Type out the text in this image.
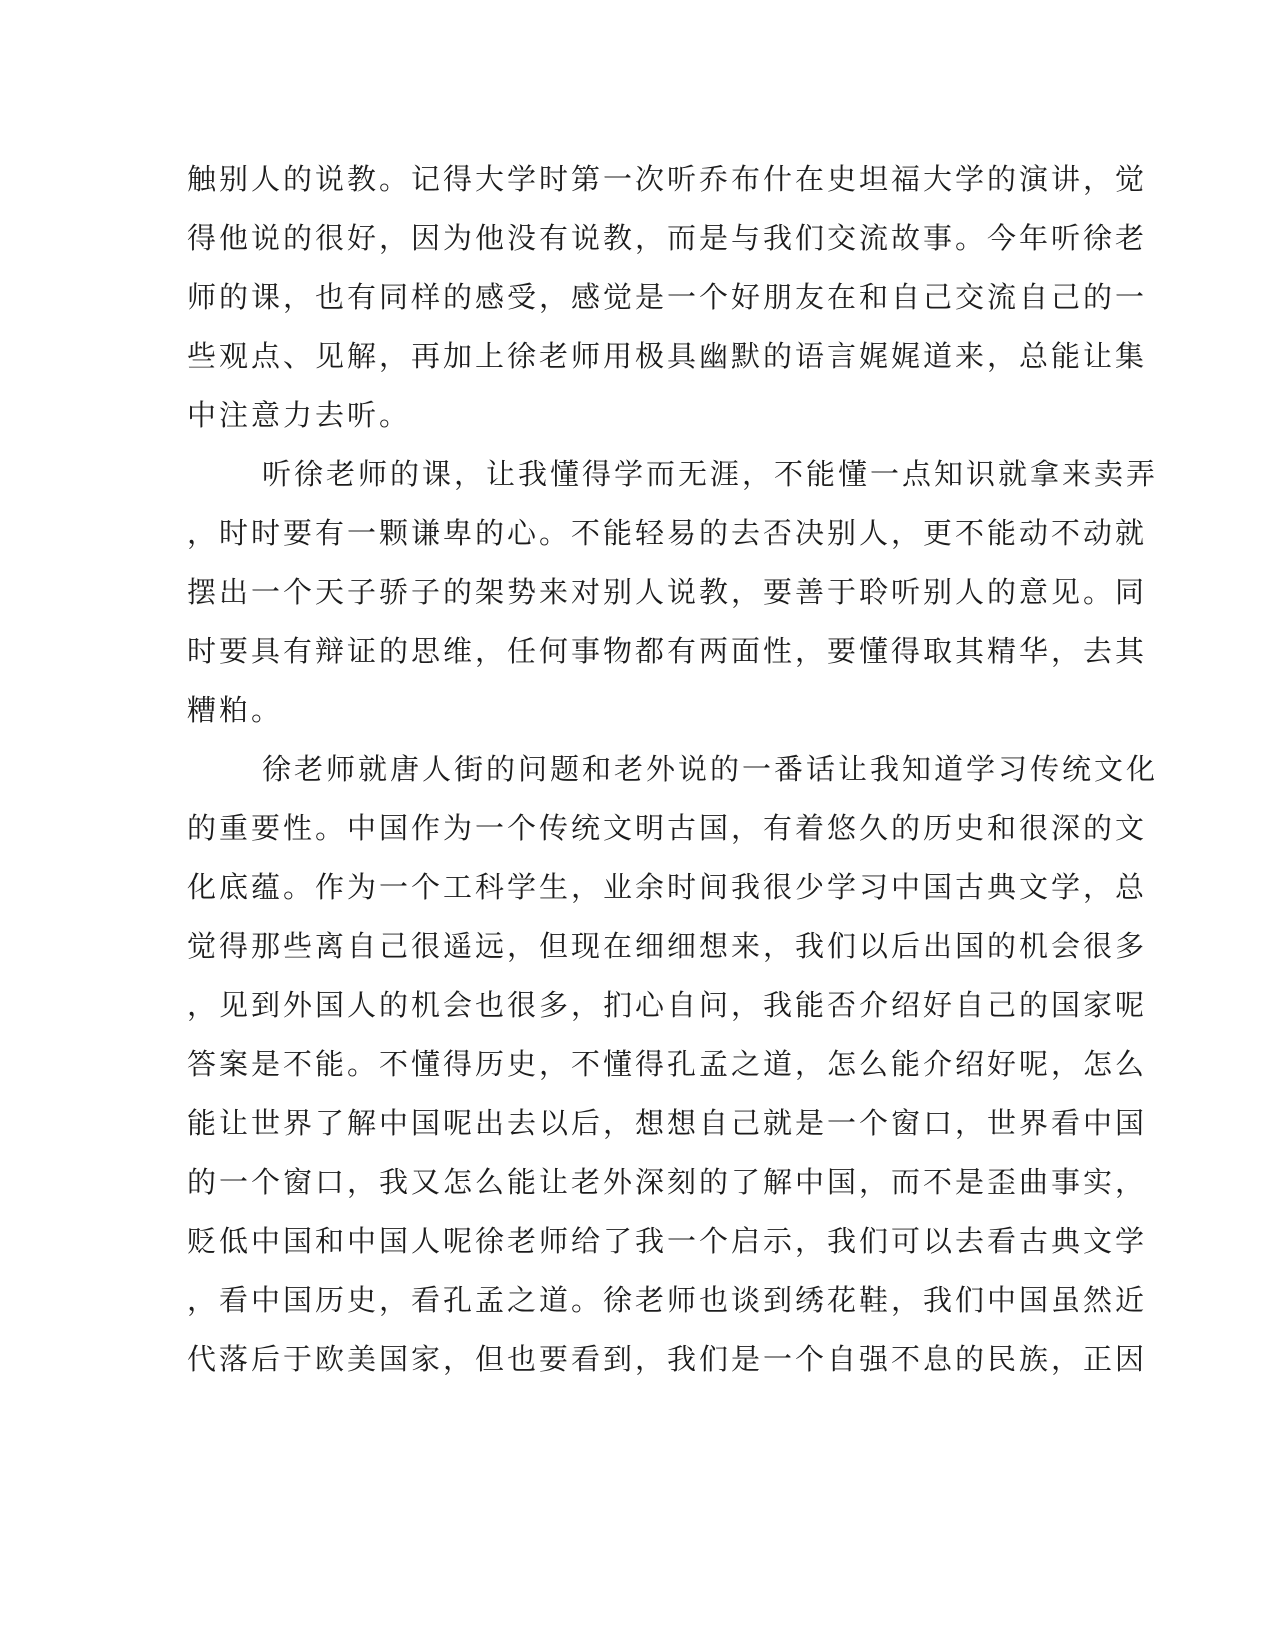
触别人的说教。记得大学时第一次听乔布什在史坦福大学的演讲，觉
得他说的很好，因为他没有说教，而是与我们交流故事。今年听徐老
师的课，也有同样的感受，感觉是一个好朋友在和自己交流自己的一
些观点、见解，再加上徐老师用极具幽默的语言娓娓道来，总能让集
中注意力去听。
听徐老师的课，让我懂得学而无涯，不能懂一点知识就拿来卖弄
，时时要有一颗谦卑的心。不能轻易的去否决别人，更不能动不动就
摆出一个天子骄子的架势来对别人说教，要善于聆听别人的意见。同
时要具有辩证的思维，任何事物都有两面性，要懂得取其精华，去其
糟粕。
徐老师就唐人街的问题和老外说的一番话让我知道学习传统文化
的重要性。中国作为一个传统文明古国，有着悠久的历史和很深的文
化底蕴。作为一个工科学生，业余时间我很少学习中国古典文学，总
觉得那些离自己很遥远，但现在细细想来，我们以后出国的机会很多
，见到外国人的机会也很多，扪心自问，我能否介绍好自己的国家呢
答案是不能。不懂得历史，不懂得孔孟之道，怎么能介绍好呢，怎么
能让世界了解中国呢出去以后，想想自己就是一个窗口，世界看中国
的一个窗口，我又怎么能让老外深刻的了解中国，而不是歪曲事实，
贬低中国和中国人呢徐老师给了我一个启示，我们可以去看古典文学
，看中国历史，看孔孟之道。徐老师也谈到绣花鞋，我们中国虽然近
代落后于欧美国家，但也要看到，我们是一个自强不息的民族，正因
